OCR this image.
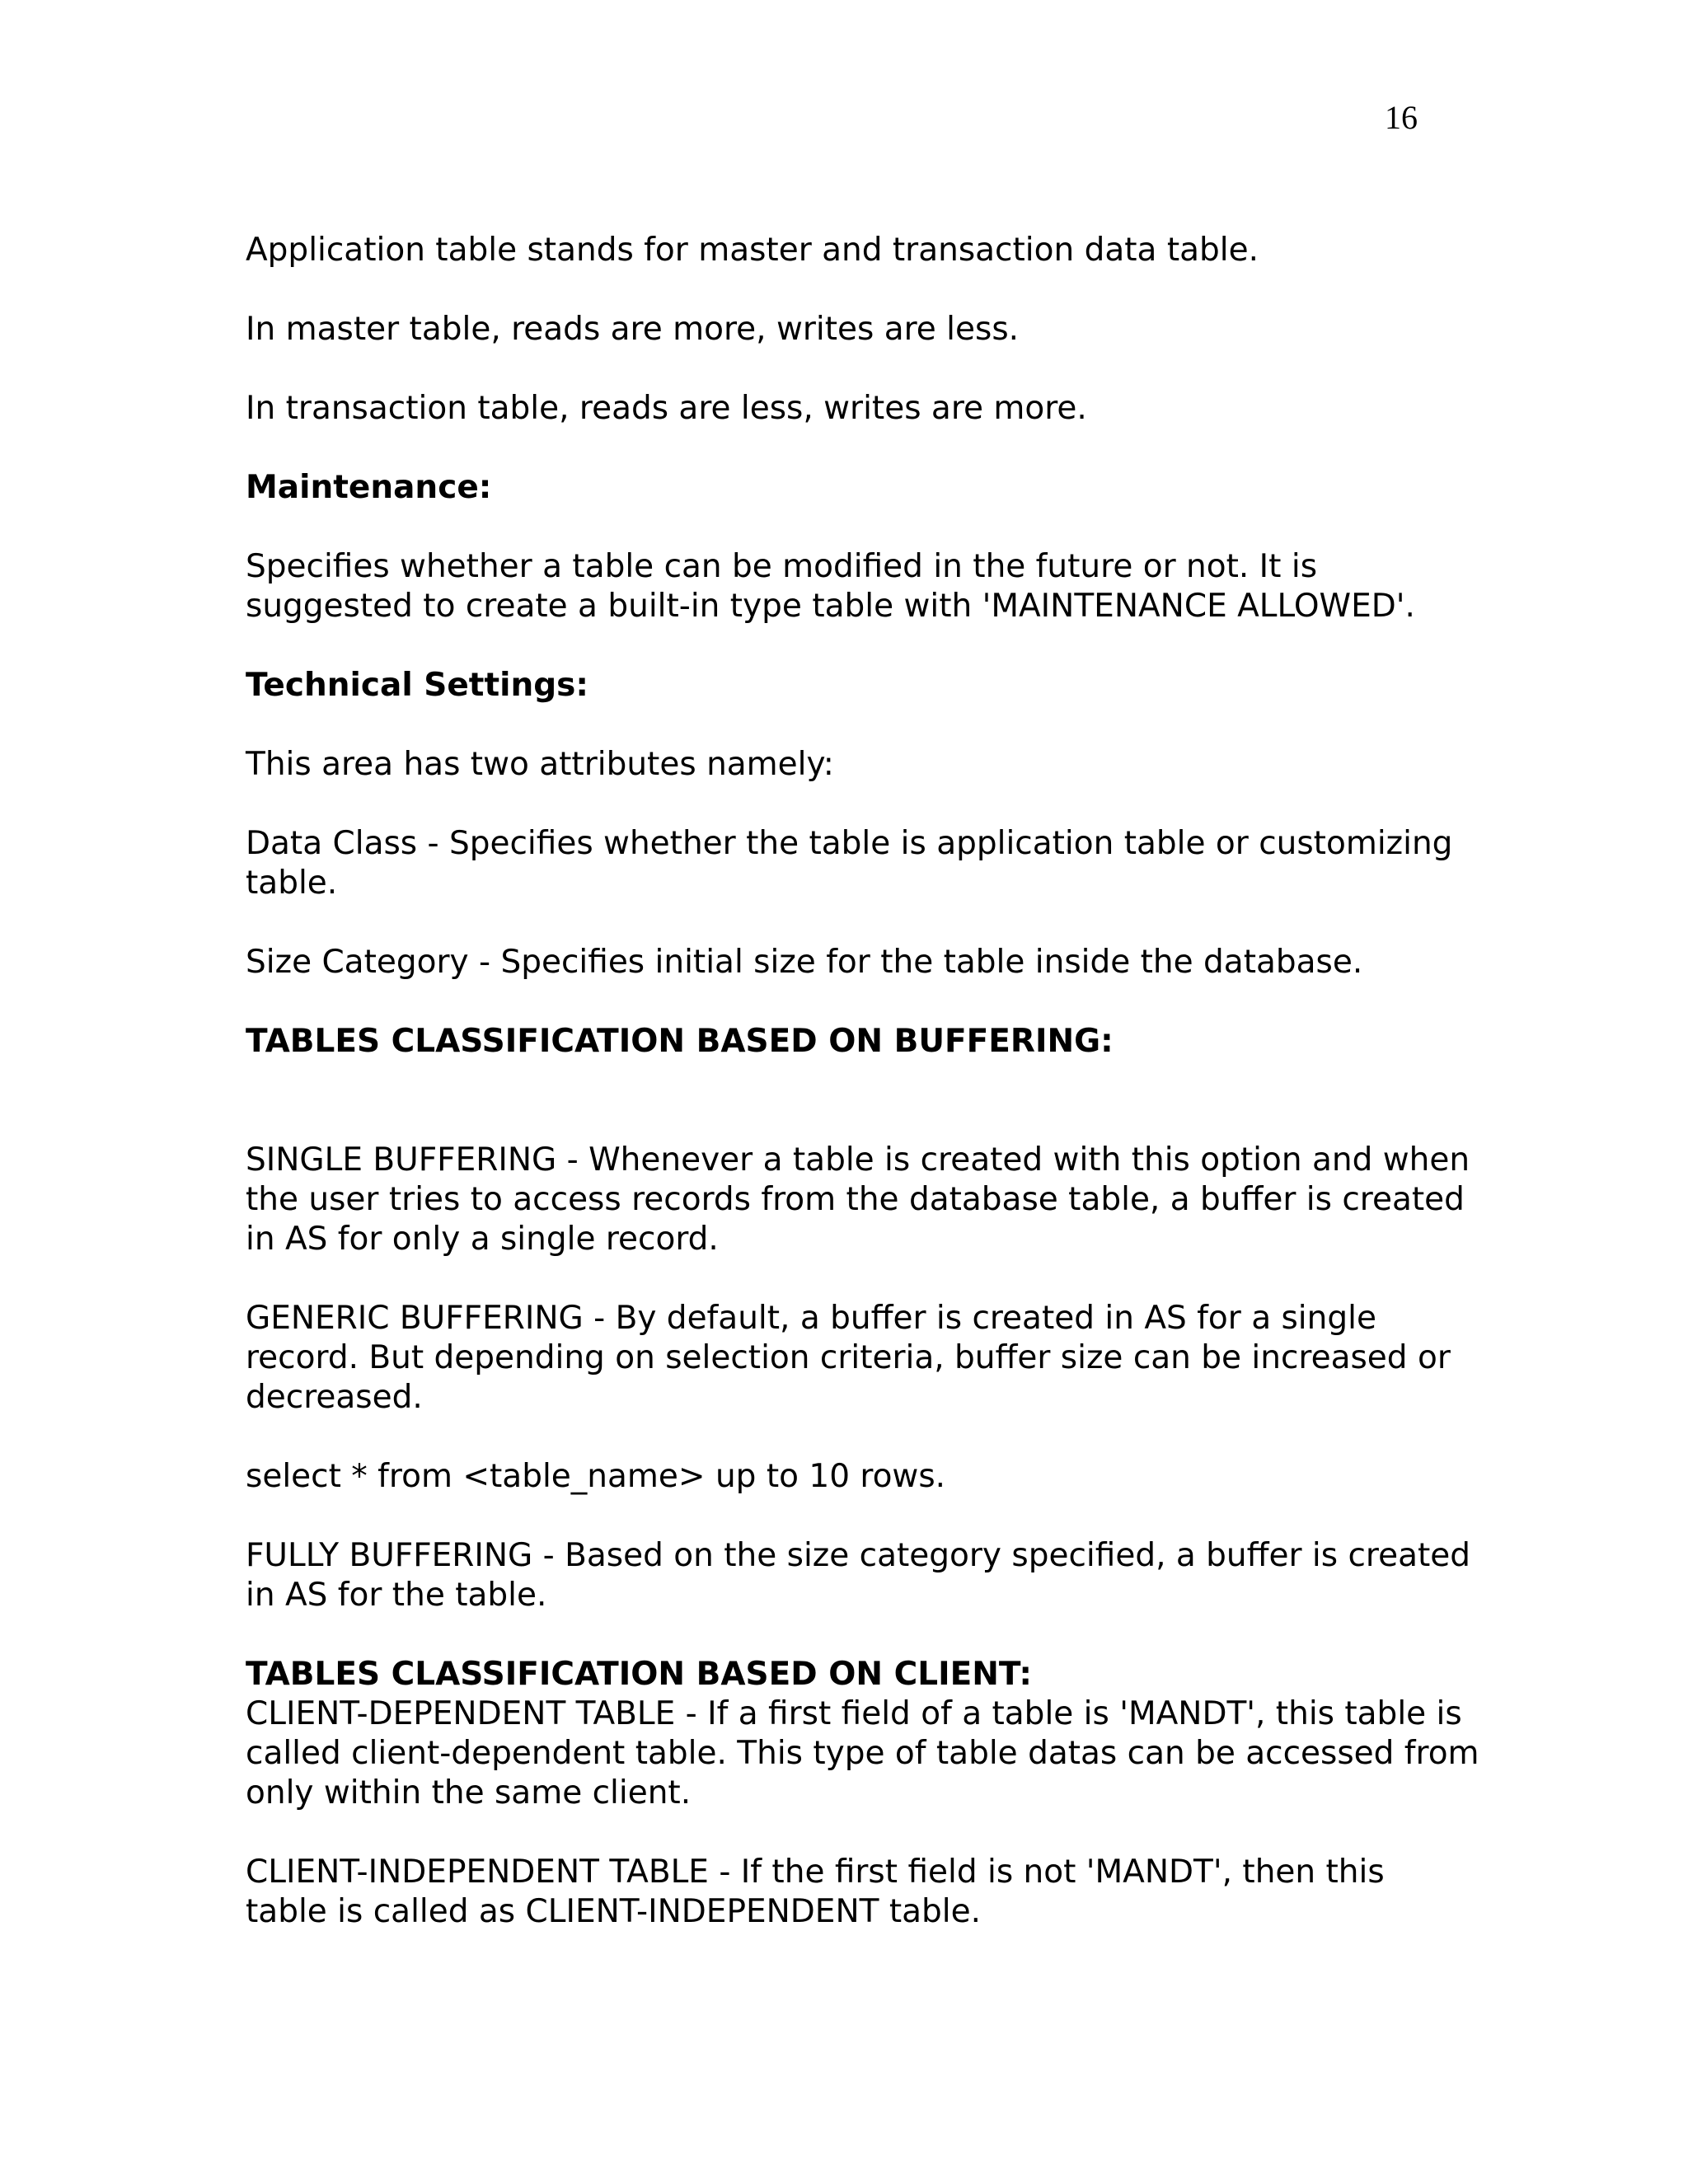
16

Application table stands for master and transaction data table.

In master table, reads are more, writes are less.

In transaction table, reads are less, writes are more.

Maintenance:

Specifies whether a table can be modified in the future or not. It is
suggested to create a built-in type table with 'MAINTENANCE ALLOWED'.

Technical Settings:

This area has two attributes namely:

Data Class - Specifies whether the table is application table or customizing
table.

Size Category - Specifies initial size for the table inside the database.

TABLES CLASSIFICATION BASED ON BUFFERING:

SINGLE BUFFERING - Whenever a table is created with this option and when
the user tries to access records from the database table, a buffer is created
in AS for only a single record.

GENERIC BUFFERING - By default, a buffer is created in AS for a single
record. But depending on selection criteria, buffer size can be increased or
decreased.

select * from <table_name> up to 10 rows.

FULLY BUFFERING - Based on the size category specified, a buffer is created
in AS for the table.

TABLES CLASSIFICATION BASED ON CLIENT:

CLIENT-DEPENDENT TABLE - If a first field of a table is 'MANDT', this table is
called client-dependent table. This type of table datas can be accessed from
only within the same client.

CLIENT-INDEPENDENT TABLE - If the first field is not 'MANDT', then this
table is called as CLIENT-INDEPENDENT table.
